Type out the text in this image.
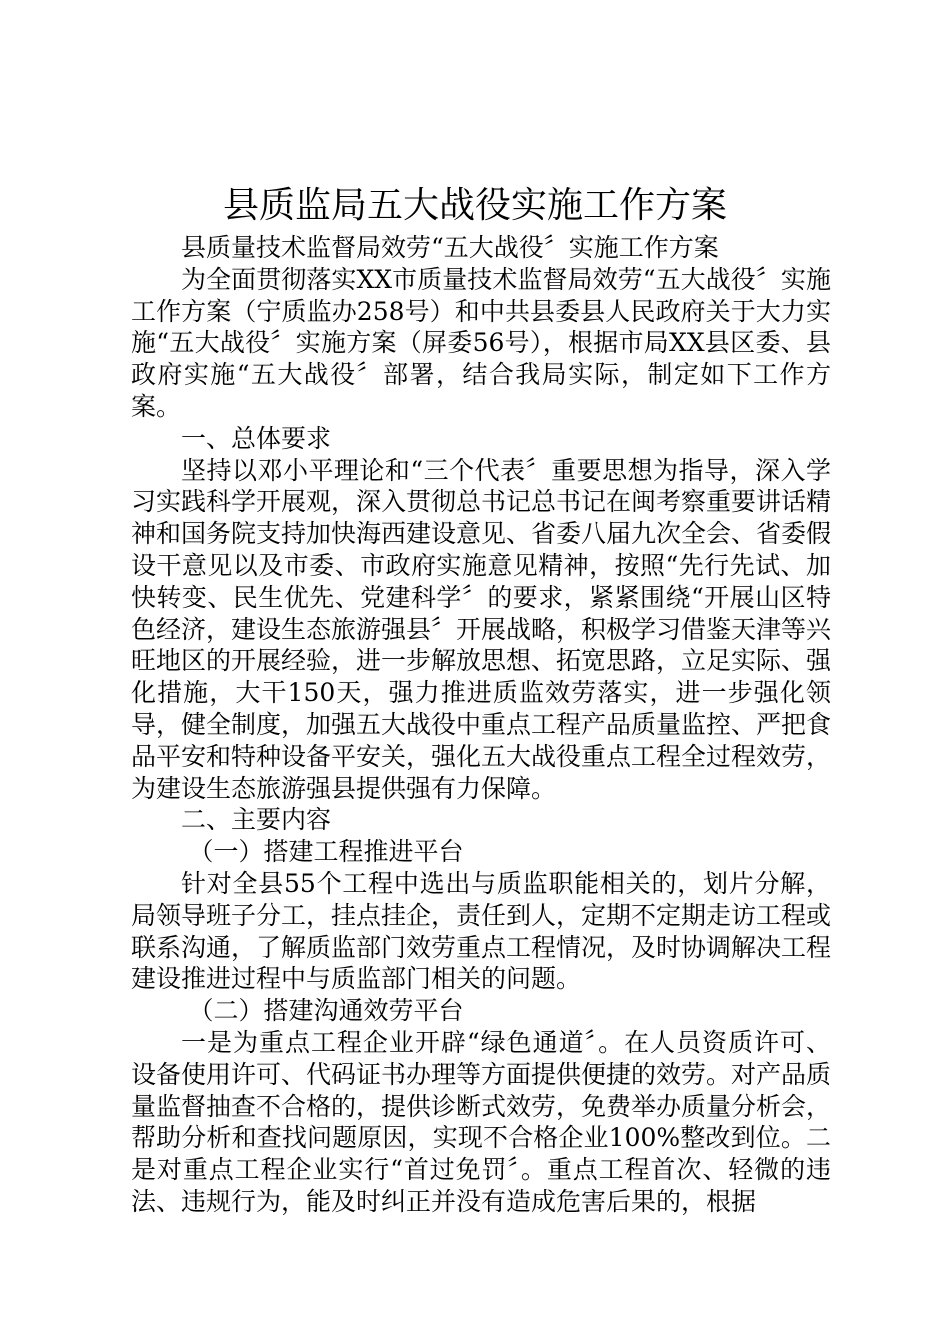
县质监局五大战役实施工作方案

县质量技术监督局效劳“五大战役〞实施工作方案

为全面贯彻落实XX市质量技术监督局效劳“五大战役〞实施工作方案（宁质监办258号）和中共县委县人民政府关于大力实施“五大战役〞实施方案（屏委56号），根据市局XX县区委、县政府实施“五大战役〞部署，结合我局实际，制定如下工作方案。

一、总体要求

坚持以邓小平理论和“三个代表〞重要思想为指导，深入学习实践科学开展观，深入贯彻总书记总书记在闽考察重要讲话精神和国务院支持加快海西建设意见、省委八届九次全会、省委假设干意见以及市委、市政府实施意见精神，按照“先行先试、加快转变、民生优先、党建科学〞的要求，紧紧围绕“开展山区特色经济，建设生态旅游强县〞开展战略，积极学习借鉴天津等兴旺地区的开展经验，进一步解放思想、拓宽思路，立足实际、强化措施，大干150天，强力推进质监效劳落实，进一步强化领导，健全制度，加强五大战役中重点工程产品质量监控、严把食品平安和特种设备平安关，强化五大战役重点工程全过程效劳，为建设生态旅游强县提供强有力保障。

二、主要内容

（一）搭建工程推进平台

针对全县55个工程中选出与质监职能相关的，划片分解，局领导班子分工，挂点挂企，责任到人，定期不定期走访工程或　联系沟通，了解质监部门效劳重点工程情况，及时协调解决工程建设推进过程中与质监部门相关的问题。

（二）搭建沟通效劳平台

一是为重点工程企业开辟“绿色通道〞。在人员资质许可、设备使用许可、代码证书办理等方面提供便捷的效劳。对产品质量监督抽查不合格的，提供诊断式效劳，免费举办质量分析会，帮助分析和查找问题原因，实现不合格企业100%整改到位。二是对重点工程企业实行“首过免罚〞。重点工程首次、轻微的违法、违规行为，能及时纠正并没有造成危害后果的，根据
